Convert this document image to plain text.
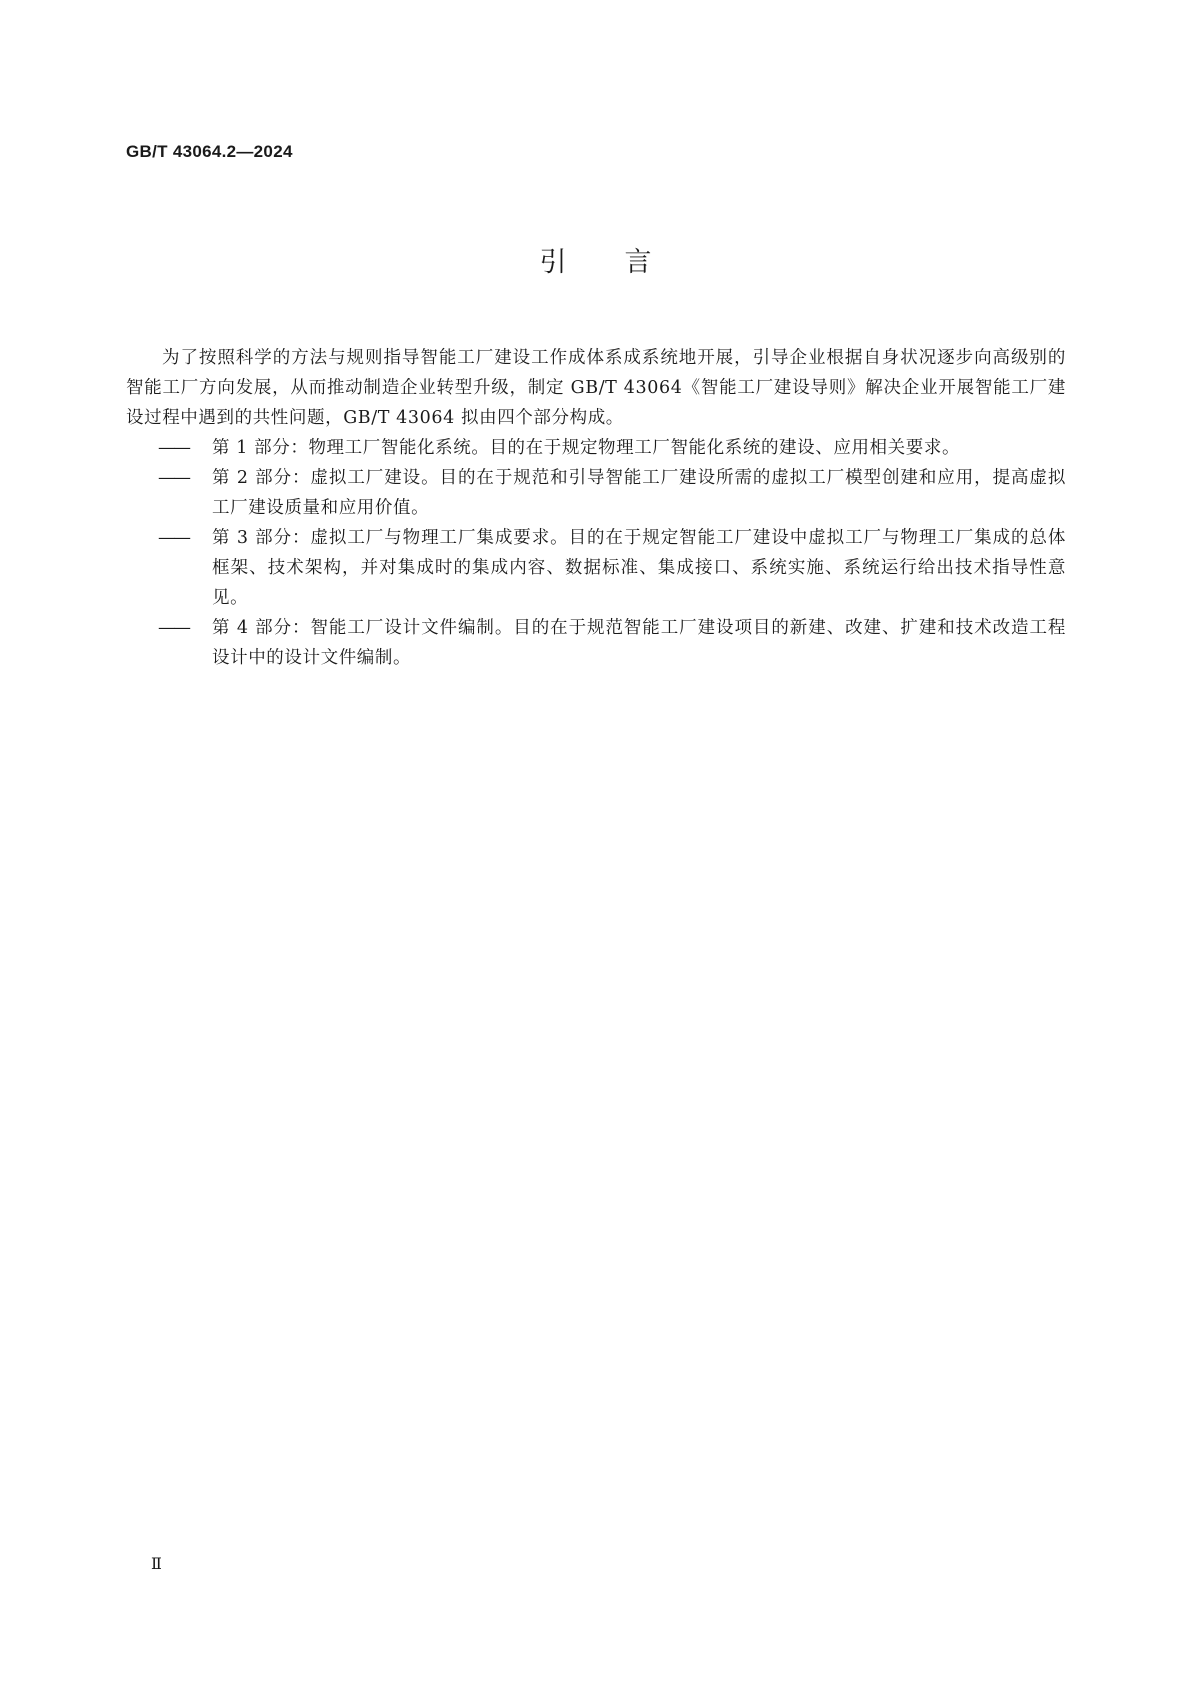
GB/T 43064.2—2024
引言

为了按照科学的方法与规则指导智能工厂建设工作成体系成系统地开展，引导企业根据自身状况逐步向高级别的智能工厂方向发展，从而推动制造企业转型升级，制定 GB/T 43064《智能工厂建设导则》解决企业开展智能工厂建设过程中遇到的共性问题，GB/T 43064 拟由四个部分构成。

—— 第 1 部分：物理工厂智能化系统。目的在于规定物理工厂智能化系统的建设、应用相关要求。
—— 第 2 部分：虚拟工厂建设。目的在于规范和引导智能工厂建设所需的虚拟工厂模型创建和应用，提高虚拟工厂建设质量和应用价值。
—— 第 3 部分：虚拟工厂与物理工厂集成要求。目的在于规定智能工厂建设中虚拟工厂与物理工厂集成的总体框架、技术架构，并对集成时的集成内容、数据标准、集成接口、系统实施、系统运行给出技术指导性意见。
—— 第 4 部分：智能工厂设计文件编制。目的在于规范智能工厂建设项目的新建、改建、扩建和技术改造工程设计中的设计文件编制。
Ⅱ
